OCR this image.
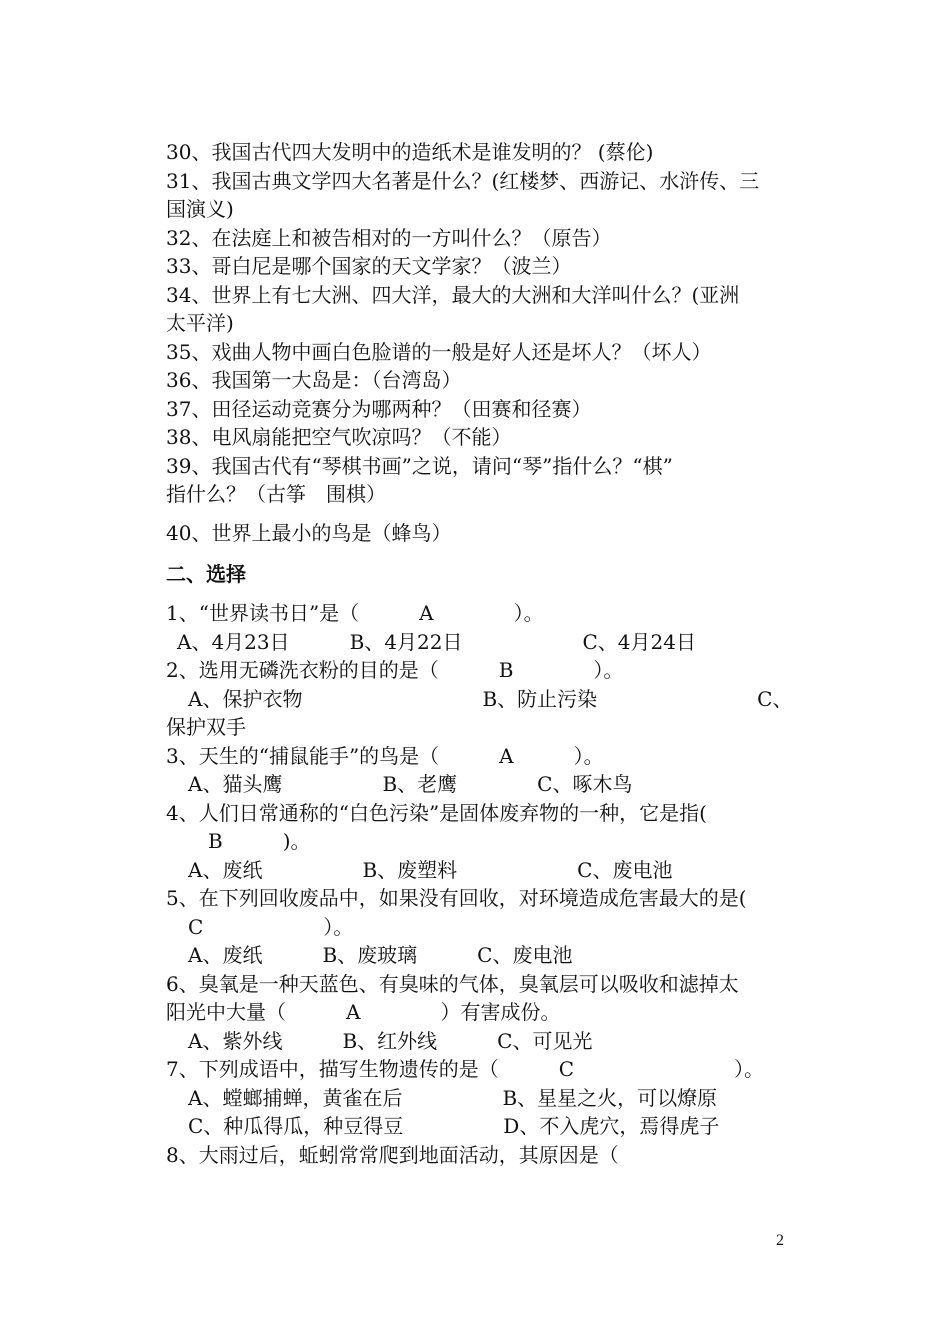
30、我国古代四大发明中的造纸术是谁发明的？ (蔡伦)
31、我国古典文学四大名著是什么？(红楼梦、西游记、水浒传、三
国演义)
32、在法庭上和被告相对的一方叫什么？（原告）
33、哥白尼是哪个国家的天文学家？（波兰）
34、世界上有七大洲、四大洋，最大的大洲和大洋叫什么？(亚洲
太平洋)
35、戏曲人物中画白色脸谱的一般是好人还是坏人？（坏人）
36、我国第一大岛是：（台湾岛）
37、田径运动竞赛分为哪两种？（田赛和径赛）
38、电风扇能把空气吹凉吗？（不能）
39、我国古代有“琴棋书画”之说，请问“琴”指什么？“棋”
指什么？（古筝　围棋）
40、世界上最小的鸟是（蜂鸟）
二、选择
1、“世界读书日”是（　　　A　　　　）。
A、4月23日　　　B、4月22日　　　　　　C、4月24日
2、选用无磷洗衣粉的目的是（　　　B　　　　）。
A、保护衣物　　　　　　　　　B、防止污染　　　　　　　　C、
保护双手
3、天生的“捕鼠能手”的鸟是（　　　A　　　）。
A、猫头鹰　　　　　B、老鹰　　　　C、啄木鸟
4、人们日常通称的“白色污染”是固体废弃物的一种，它是指(
　B　　　)。
A、废纸　　　　　B、废塑料　　　　　　C、废电池
5、在下列回收废品中，如果没有回收，对环境造成危害最大的是(
C　　　　　　）。
A、废纸　　　B、废玻璃　　　C、废电池
6、臭氧是一种天蓝色、有臭味的气体，臭氧层可以吸收和滤掉太
阳光中大量（　　　A　　　　）有害成份。
A、紫外线　　　B、红外线　　　C、可见光
7、下列成语中，描写生物遗传的是（　　　C　　　　　　　　）。
A、螳螂捕蝉，黄雀在后　　　　　B、星星之火，可以燎原
C、种瓜得瓜，种豆得豆　　　　　D、不入虎穴，焉得虎子
8、大雨过后，蚯蚓常常爬到地面活动，其原因是（
2
